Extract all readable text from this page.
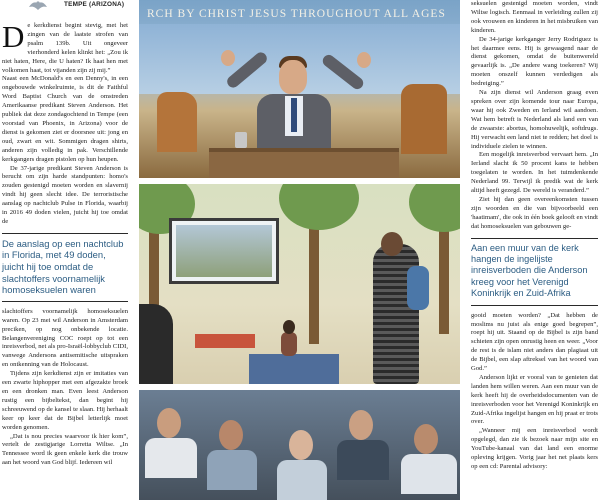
TEMPE (ARIZONA)
D e kerkdienst begint stevig, met het zingen van de laatste strofen van psalm 139b. Uit ongeveer vierhonderd kelen klinkt het: „Zou ik niet haten, Here, die U haten? Ik haat hen met volkomen haat, tot vijanden zijn zij mij.”

Naast een McDonald's en een Denny's, in een ongebouwde winkelruimte, is dit de Faithful Word Baptist Church van de omstreden Amerikaanse predikant Steven Anderson. Het publiek dat deze zondagochtend in Tempe (een voorstad van Phoenix, in Arizona) voor de dienst is gekomen ziet er doorsnee uit: jong en oud, zwart en wit. Sommigen dragen shirts, anderen zijn volledig in pak. Verschillende kerkgangers dragen pistolen op hun heupen.

De 37-jarige predikant Steven Anderson is berucht om zijn harde standpunten: homo's zouden gestenigd moeten worden en slavernij vindt hij geen slecht idee. De terroristische aanslag op nachtclub Pulse in Florida, waarbij in 2016 49 doden vielen, juicht hij toe omdat de

De aanslag op een nachtclub in Florida, met 49 doden, juicht hij toe omdat de slachtoffers voornamelijk homoseksuelen waren

slachtoffers voornamelijk homoseksuelen waren. Op 23 mei wil Anderson in Amsterdam preciken, op nog onbekende locatie. Belangenvereniging COC roept op tot een inreisverbod, net als pro-Israël-lobbyclub CIDI, vanwege Andersons antisemitische uitspraken en ontkenning van de Holocaust.

Tijdens zijn kerkdienst zijn er imitaties van een zwarte hiphopper met een afgezakte broek en een dronken man. Even leest Anderson rustig een bijbeltekst, dan begint hij schreeuwend op de kansel te slaan. Hij herhaalt keer op keer dat de Bijbel letterlijk moet worden genomen.

„Dat is nou precies waarvoor ik hier kom”, vertelt de zestigjarige Lorretta Wiltse. „In Tennessee word ik geen enkele kerk die trouw aan het woord van God blijf. Iedereen wil

RCH BY CHRIST JESUS THROUGHOUT ALL AGES

seksuelen gestenigd moeten worden, vindt Wiltse logisch. Eenmaal in verleiding zullen zij ook vrouwen en kinderen in het misbruiken van kinderen.

De 34-jarige kerkganger Jerry Rodriguez is het daarmee eens. Hij is gewaagend naar de dienst gekomen, omdat de buitenwereld gevaarlijk is. „De andere wang toekeren? Wij moeten onszelf kunnen verdedigen als bedreiging.”

Na zijn dienst wil Anderson graag even spreken over zijn komende tour naar Europa, waar hij ook Zweden en Ierland wil aandoen. Wat hem betreft is Nederland als land een van de zwaarste: abortus, homohuwelijk, softdrugs. Hij verwacht een land niet te redden; het doel is individuele zielen te winnen.

Een mogelijk inreisverbod vervaart hem. „In Ierland slacht ik 50 procent kans te hebben toegelaten te worden. In het tuimdenkende Nederland 99. Terwijl ik predik wat de kerk altijd heeft gezegd. De wereld is veranderd.”

Ziet hij dan geen overeenkomsten tussen zijn woorden en die van bijvoorbeeld een 'haatimam', die ook in één boek gelooft en vindt dat homoseksuelen van gebouwen ge-

Aan een muur van de kerk hangen de ingelijste inreisverboden die Anderson kreeg voor het Verenigd Koninkrijk en Zuid-Afrika

gooid moeten worden? „Dat hebben de moslims nu juist als enige goed begrepen”, roept hij uit. Staand op de Bijbel is zijn band schieten zijn open onrustig heen en weer. „Voor de rest is de islam niet anders dan plagiaat uit de Bijbel, een slap aftreksel van het woord van God.”

Anderson lijkt er vooral van te genieten dat landen hem willen weren. Aan een muur van de kerk heeft hij de overheidsdocumenten van de inreisverboden voor het Verenigd Koninkrijk en Zuid-Afrika ingelijst hangen en hij praat er trots over.

„Wanneer mij een inreisverbod wordt opgelegd, dan zie ik bezoek naar mijn site en YouTube-kanaal van dat land een enorme opleving krijgen. Vorig jaar het net plaats kers op een cd: Parental advisory:
